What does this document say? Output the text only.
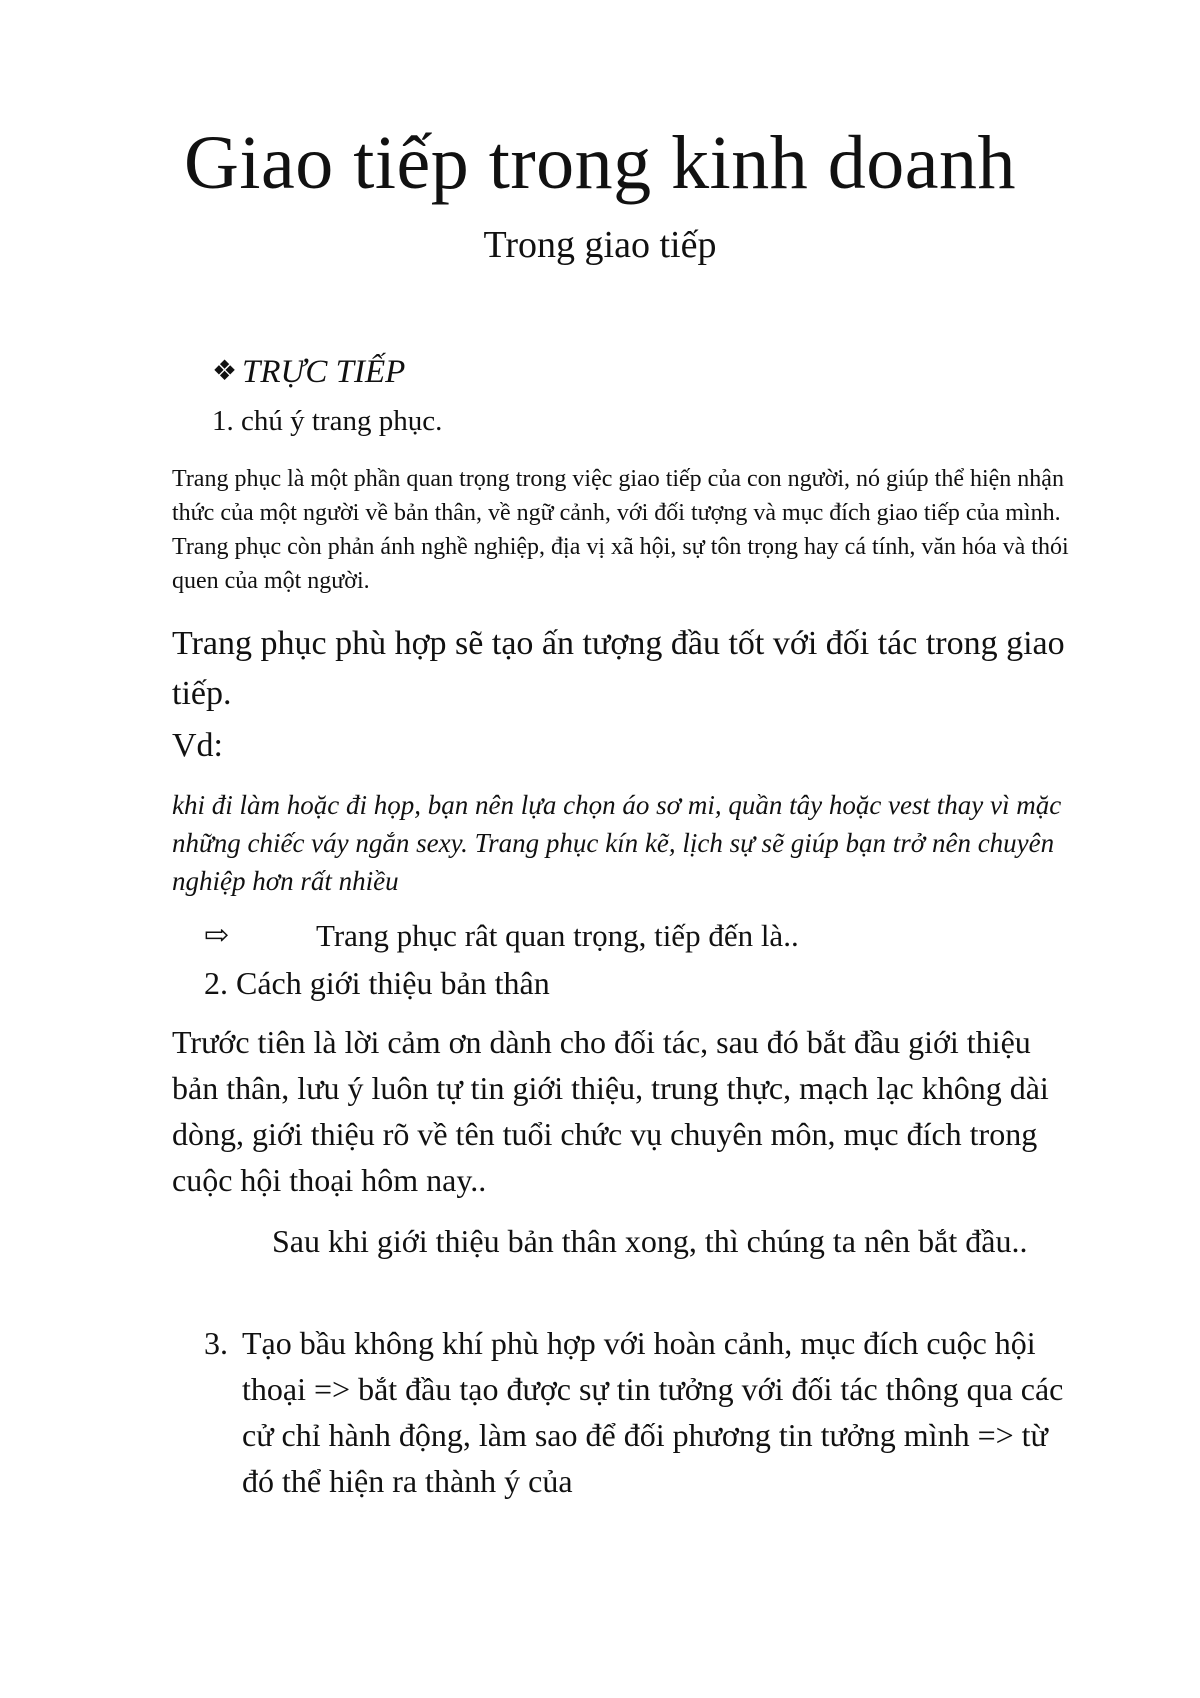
Giao tiếp trong kinh doanh
Trong giao tiếp
❖ TRỰC TIẾP
1. chú ý trang phục.
Trang phục là một phần quan trọng trong việc giao tiếp của con người, nó giúp thể hiện nhận thức của một người về bản thân, về ngữ cảnh, với đối tượng và mục đích giao tiếp của mình. Trang phục còn phản ánh nghề nghiệp, địa vị xã hội, sự tôn trọng hay cá tính, văn hóa và thói quen của một người.
Trang phục phù hợp sẽ tạo ấn tượng đầu tốt với đối tác trong giao tiếp.
Vd:
khi đi làm hoặc đi họp, bạn nên lựa chọn áo sơ mi, quần tây hoặc vest thay vì mặc những chiếc váy ngắn sexy. Trang phục kín kẽ, lịch sự sẽ giúp bạn trở nên chuyên nghiệp hơn rất nhiều
⇨	Trang phục rât quan trọng, tiếp đến là..
2. Cách giới thiệu bản thân
Trước tiên là lời cảm ơn dành cho đối tác, sau đó bắt đầu giới thiệu bản thân, lưu ý luôn tự tin giới thiệu, trung thực, mạch lạc không dài dòng, giới thiệu rõ về tên tuổi chức vụ chuyên môn, mục đích trong cuộc hội thoại hôm nay..
Sau khi giới thiệu bản thân xong, thì chúng ta nên bắt đầu..
3. Tạo bầu không khí phù hợp với hoàn cảnh, mục đích cuộc hội thoại => bắt đầu tạo được sự tin tưởng với đối tác thông qua các cử chỉ hành động, làm sao để đối phương tin tưởng mình => từ đó thể hiện ra thành ý của
